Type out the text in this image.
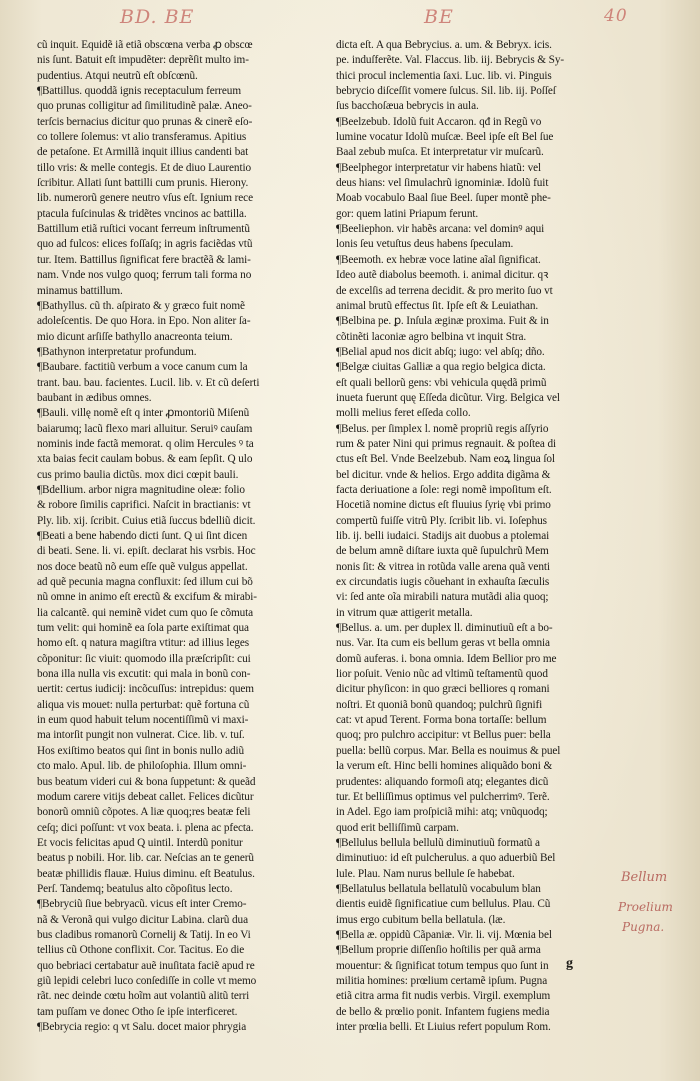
BD. BE	BE	40
cũ inquit. Equidẽ iã etiã obscœna verba ꝓ obscœ
nis ſunt. Batuit eſt impudẽter: deprẽſit multo im-
pudentius. Atqui neutrũ eſt obſcœnũ.
¶Battillus. quoddã ignis receptaculum ferreum
quo prunas colligitur ad ſimilitudinẽ palæ. Aneo-
terſcis bernacius dicitur quo prunas & cinerẽ eſo-
co tollere ſolemus: vt alio transferamus. Apitius
de petaſone. Et Armillã inquit illius candenti bat
tillo vris: & melle contegis. Et de diuo Laurentio
ſcribitur. Allati ſunt battilli cum prunis. Hierony.
lib. numerorũ genere neutro vſus eſt. Ignium rece
ptacula fuſcinulas & tridẽtes vncinos ac battilla.
Battillum etiã ruſtici vocant ferreum inſtrumentũ
quo ad fulcos: elices foſſaſq; in agris faciẽdas vtũ
tur. Item. Battillus ſignificat fere bractẽã & lami-
nam. Vnde nos vulgo quoq; ferrum tali forma no
minamus battillum.
¶Bathyllus. cũ th. aſpirato & y græco fuit nomẽ
adoleſcentis. De quo Hora. in Epo. Non aliter ſa-
mio dicunt arſiſſe bathyllo anacreonta teium.
¶Bathynon interpretatur profundum.
¶Baubare. factitiũ verbum a voce canum cum la
trant. bau. bau. facientes. Lucil. lib. v. Et cũ deſerti
baubant in ædibus omnes.
¶Bauli. villę nomẽ eſt q inter ꝓmontoriũ Miſenũ
baiarumq; lacũ flexo mari alluitur. Seruiꝰ cauſam
nominis inde factã memorat. q olim Hercules ꝰ ta
xta baias fecit caulam bobus. & eam ſepſit. Q ulo
cus primo baulia dictũs. mox dici cœpit bauli.
¶Bdellium. arbor nigra magnitudine oleæ: folio
& robore ſimilis caprifici. Naſcit in bractianis: vt
Ply. lib. xij. ſcribit. Cuius etiã ſuccus bdelliũ dicit.
¶Beati a bene habendo dicti ſunt. Q ui ſint dicen
di beati. Sene. li. vi. epiſt. declarat his vsrbis. Hoc
nos doce beatũ nõ eum eſſe quẽ vulgus appellat.
ad quẽ pecunia magna confluxit: ſed illum cui bõ
nũ omne in animo eſt erectũ & excifum & mirabi-
lia calcantẽ. qui neminẽ videt cum quo ſe cõmuta
tum velit: qui hominẽ ea ſola parte exiſtimat qua
homo eſt. q natura magiſtra vtitur: ad illius leges
cõponitur: ſic viuit: quomodo illa præſcripſit: cui
bona illa nulla vis excutit: qui mala in bonũ con-
uertit: certus iudicij: incõcuſſus: intrepidus: quem
aliqua vis mouet: nulla perturbat: quẽ fortuna cũ
in eum quod habuit telum nocentiſſimũ vi maxi-
ma intorſit pungit non vulnerat. Cice. lib. v. tuſ.
Hos exiſtimo beatos qui ſint in bonis nullo adiũ
cto malo. Apul. lib. de philoſophia. Illum omni-
bus beatum videri cui & bona ſuppetunt: & queãd
modum carere vitijs debeat callet. Felices dicũtur
bonorũ omniũ cõpotes. A liæ quoq;res beatæ feli
ceſq; dici poſſunt: vt vox beata. i. plena ac pfecta.
Et vocis felicitas apud Q uintil. Interdũ ponitur
beatus p nobili. Hor. lib. car. Neſcias an te generũ
beatæ phillidis flauæ. Huius diminu. eſt Beatulus.
Perſ. Tandemq; beatulus alto cõpoſitus lecto.
¶Bebryciũ ſiue bebryacũ. vicus eſt inter Cremo-
nã & Veronã qui vulgo dicitur Labina. clarũ dua
bus cladibus romanorũ Cornelij & Tatij. In eo Vi
tellius cũ Othone conflixit. Cor. Tacitus. Eo die
quo bebriaci certabatur auẽ inuſitata faciẽ apud re
giũ lepidi celebri luco conſediſſe in colle vt memo
rãt. nec deinde cœtu hoĩm aut volantiũ alitũ terri
tam puſſam ve donec Otho ſe ipſe interficeret.
¶Bebrycia regio: q vt Salu. docet maior phrygia
dicta eſt. A qua Bebrycius. a. um. & Bebryx. icis.
pe. induſferẽte. Val. Flaccus. lib. iij. Bebrycis & Sy-
thici procul inclementia ſaxi. Luc. lib. vi. Pinguis
bebrycio diſceſſit vomere ſulcus. Sil. lib. iij. Poſſeſ
ſus bacchoſæua bebrycis in aula.
¶Beelzebub. Idolũ fuit Accaron. qđ in Regũ vo
lumine vocatur Idolũ muſcæ. Beel ipſe eſt Bel ſue
Baal zebub muſca. Et interpretatur vir muſcarũ.
¶Beelphegor interpretatur vir habens hiatũ: vel
deus hians: vel ſimulachrũ ignominiæ. Idolũ fuit
Moab vocabulo Baal ſiue Beel. ſuper montẽ phe-
gor: quem latini Priapum ferunt.
¶Beeliephon. vir habẽs arcana: vel dominꝰ aqui
lonis ſeu vetuſtus deus habens ſpeculam.
¶Beemoth. ex hebræ voce latine aĩal ſignificat.
Ideo autẽ diabolus beemoth. i. animal dicitur. qꝛ
de excelſis ad terrena decidit. & pro merito ſuo vt
animal brutũ effectus ſit. Ipſe eſt & Leuiathan.
¶Belbina pe. ꝑ. Inſula æginæ proxima. Fuit & in
cõtinẽti laconiæ agro belbina vt inquit Stra.
¶Belial apud nos dicit abſq; iugo: vel abſq; dño.
¶Belgæ ciuitas Galliæ a qua regio belgica dicta.
eſt quali bellorũ gens: vbi vehicula quędã primũ
inueta fuerunt quę Eſſeda dicũtur. Virg. Belgica vel
molli melius feret eſſeda collo.
¶Belus. per ſimplex l. nomẽ propriũ regis aſſyrio
rum & pater Nini qui primus regnauit. & poſtea di
ctus eſt Bel. Vnde Beelzebub. Nam eoꝝ lingua ſol
bel dicitur. vnde & helios. Ergo addita digãma &
facta deriuatione a ſole: regi nomẽ impoſitum eſt.
Hocetiã nomine dictus eſt fluuius ſyrię vbi primo
compertũ fuiſſe vitrũ Ply. ſcribit lib. vi. Ioſephus
lib. ij. belli iudaici. Stadijs ait duobus a ptolemai
de belum amnẽ diſtare iuxta quẽ ſupulchrũ Mem
nonis ſit: & vitrea in rotũda valle arena quã venti
ex circundatis iugis cõuehant in exhauſta ſæculis
vi: ſed ante oĩa mirabili natura mutãdi alia quoq;
in vitrum quæ attigerit metalla.
¶Bellus. a. um. per duplex ll. diminutiuũ eſt a bo-
nus. Var. Ita cum eis bellum geras vt bella omnia
domũ auferas. i. bona omnia. Idem Bellior pro me
lior poſuit. Venio nũc ad vltimũ teſtamentũ quod
dicitur phyſicon: in quo græci belliores q romani
noſtri. Et quoniã bonũ quandoq; pulchrũ ſignifi
cat: vt apud Terent. Forma bona tortaſſe: bellum
quoq; pro pulchro accipitur: vt Bellus puer: bella
puella: bellũ corpus. Mar. Bella es nouimus & puel
la verum eſt. Hinc belli homines aliquãdo boni &
prudentes: aliquando formoſi atq; elegantes dicũ
tur. Et belliſſimus optimus vel pulcherrimꝰ. Terẽ.
in Adel. Ego iam proſpiciã mihi: atq; vnũquodq;
quod erit belliſſimũ carpam.
¶Bellulus bellula bellulũ diminutiuũ formatũ a
diminutiuo: id eſt pulcherulus. a quo aduerbiũ Bel
lule. Plau. Nam nurus bellule ſe habebat.
¶Bellatulus bellatula bellatulũ vocabulum blan
dientis euidẽ ſignificatiue cum bellulus. Plau. Cũ
imus ergo cubitum bella bellatula. (læ.
¶Bella æ. oppidũ Cãpaniæ. Vir. li. vij. Mœnia bel
¶Bellum proprie diſſenſio hoſtilis per quã arma
mouentur: & ſignificat totum tempus quo ſunt in
militia homines: prœlium certamẽ ipſum. Pugna
etiã citra arma fit nudis verbis. Virgil. exemplum
de bello & prœlio ponit. Infantem fugiens media
inter prœlia belli. Et Liuius refert populum Rom.
Bellum
Proelium
Pugna.
g
